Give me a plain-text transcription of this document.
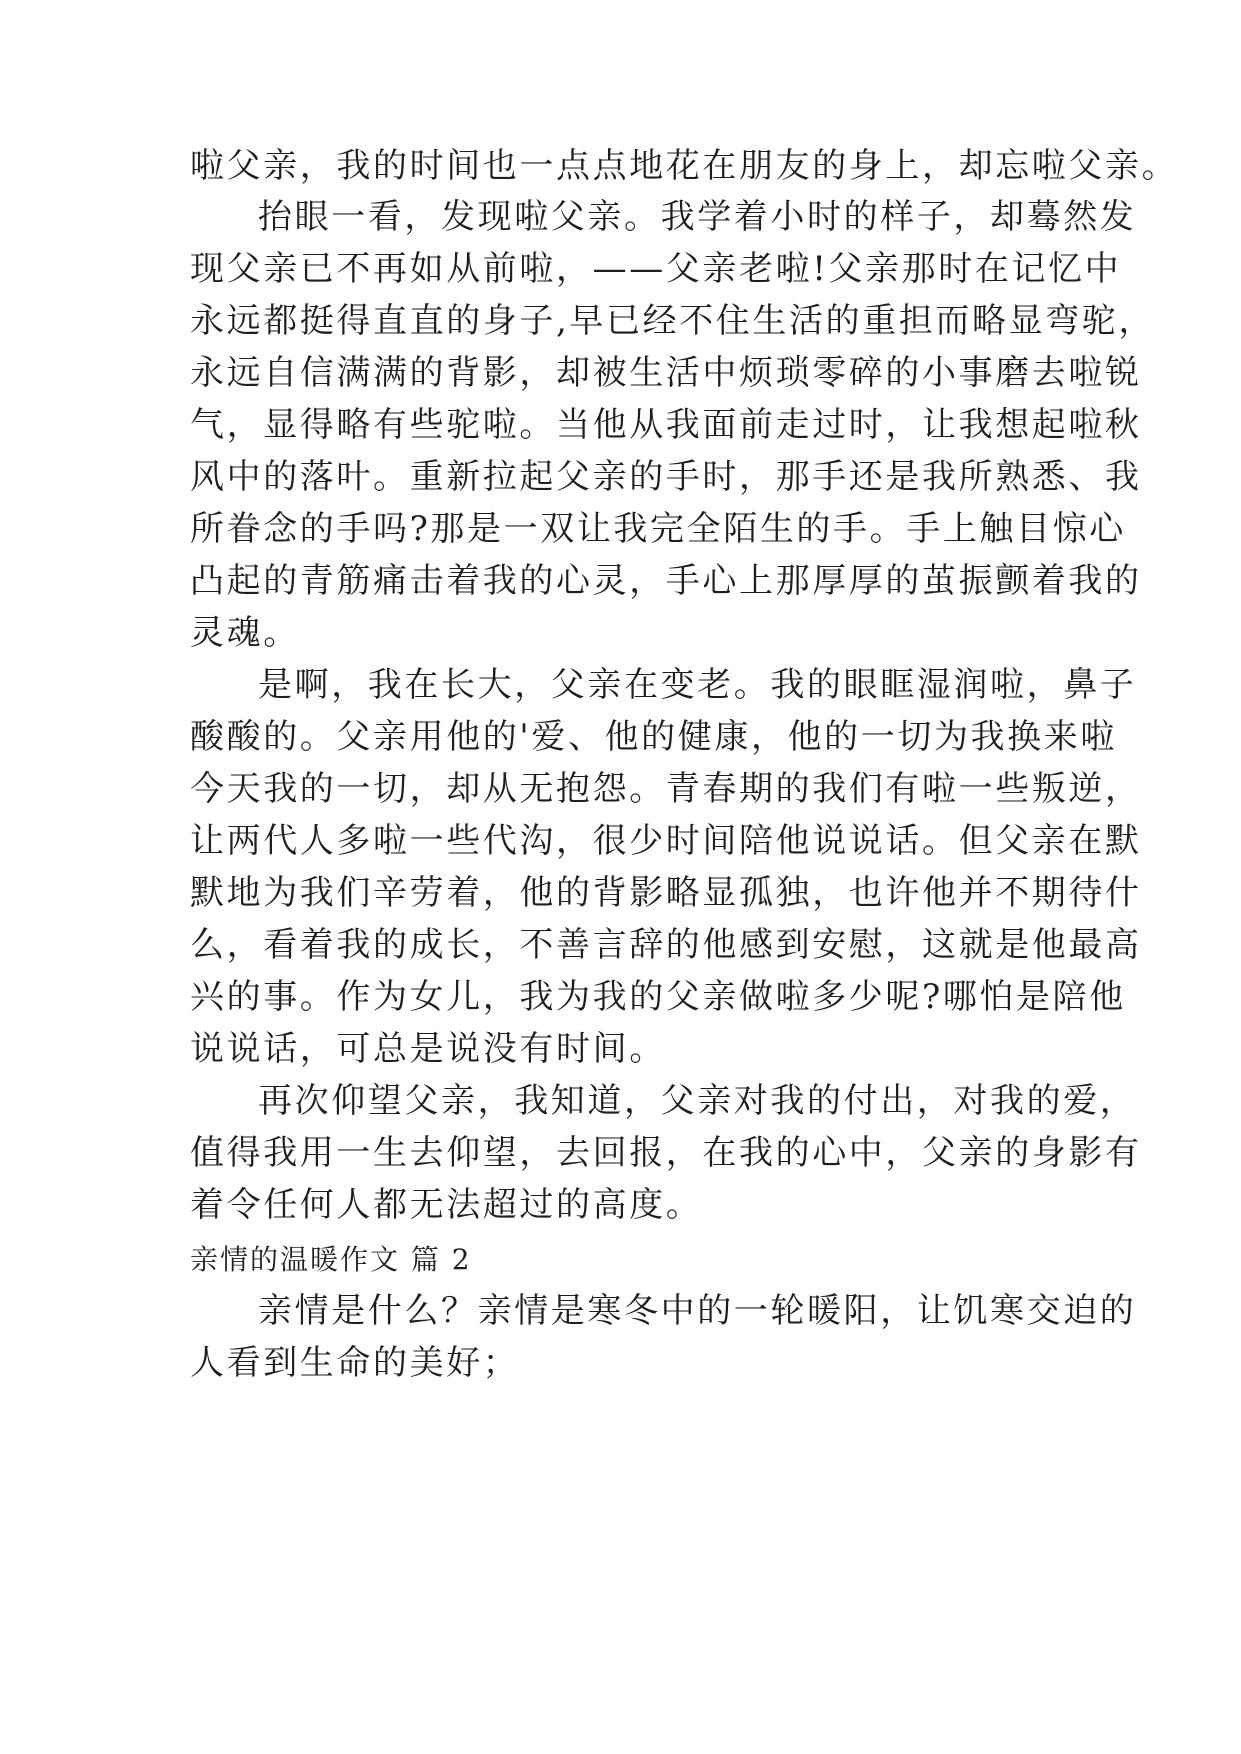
啦父亲，我的时间也一点点地花在朋友的身上，却忘啦父亲。

抬眼一看，发现啦父亲。我学着小时的样子，却蓦然发

现父亲已不再如从前啦，——父亲老啦!父亲那时在记忆中

永远都挺得直直的身子,早已经不住生活的重担而略显弯驼，

永远自信满满的背影，却被生活中烦琐零碎的小事磨去啦锐

气，显得略有些驼啦。当他从我面前走过时，让我想起啦秋

风中的落叶。重新拉起父亲的手时，那手还是我所熟悉、我

所眷念的手吗?那是一双让我完全陌生的手。手上触目惊心

凸起的青筋痛击着我的心灵，手心上那厚厚的茧振颤着我的

灵魂。

是啊，我在长大，父亲在变老。我的眼眶湿润啦，鼻子

酸酸的。父亲用他的'爱、他的健康，他的一切为我换来啦

今天我的一切，却从无抱怨。青春期的我们有啦一些叛逆，

让两代人多啦一些代沟，很少时间陪他说说话。但父亲在默

默地为我们辛劳着，他的背影略显孤独，也许他并不期待什

么，看着我的成长，不善言辞的他感到安慰，这就是他最高

兴的事。作为女儿，我为我的父亲做啦多少呢?哪怕是陪他

说说话，可总是说没有时间。

再次仰望父亲，我知道，父亲对我的付出，对我的爱，

值得我用一生去仰望，去回报，在我的心中，父亲的身影有

着令任何人都无法超过的高度。

亲情的温暖作文 篇 2

亲情是什么？亲情是寒冬中的一轮暖阳，让饥寒交迫的

人看到生命的美好；
